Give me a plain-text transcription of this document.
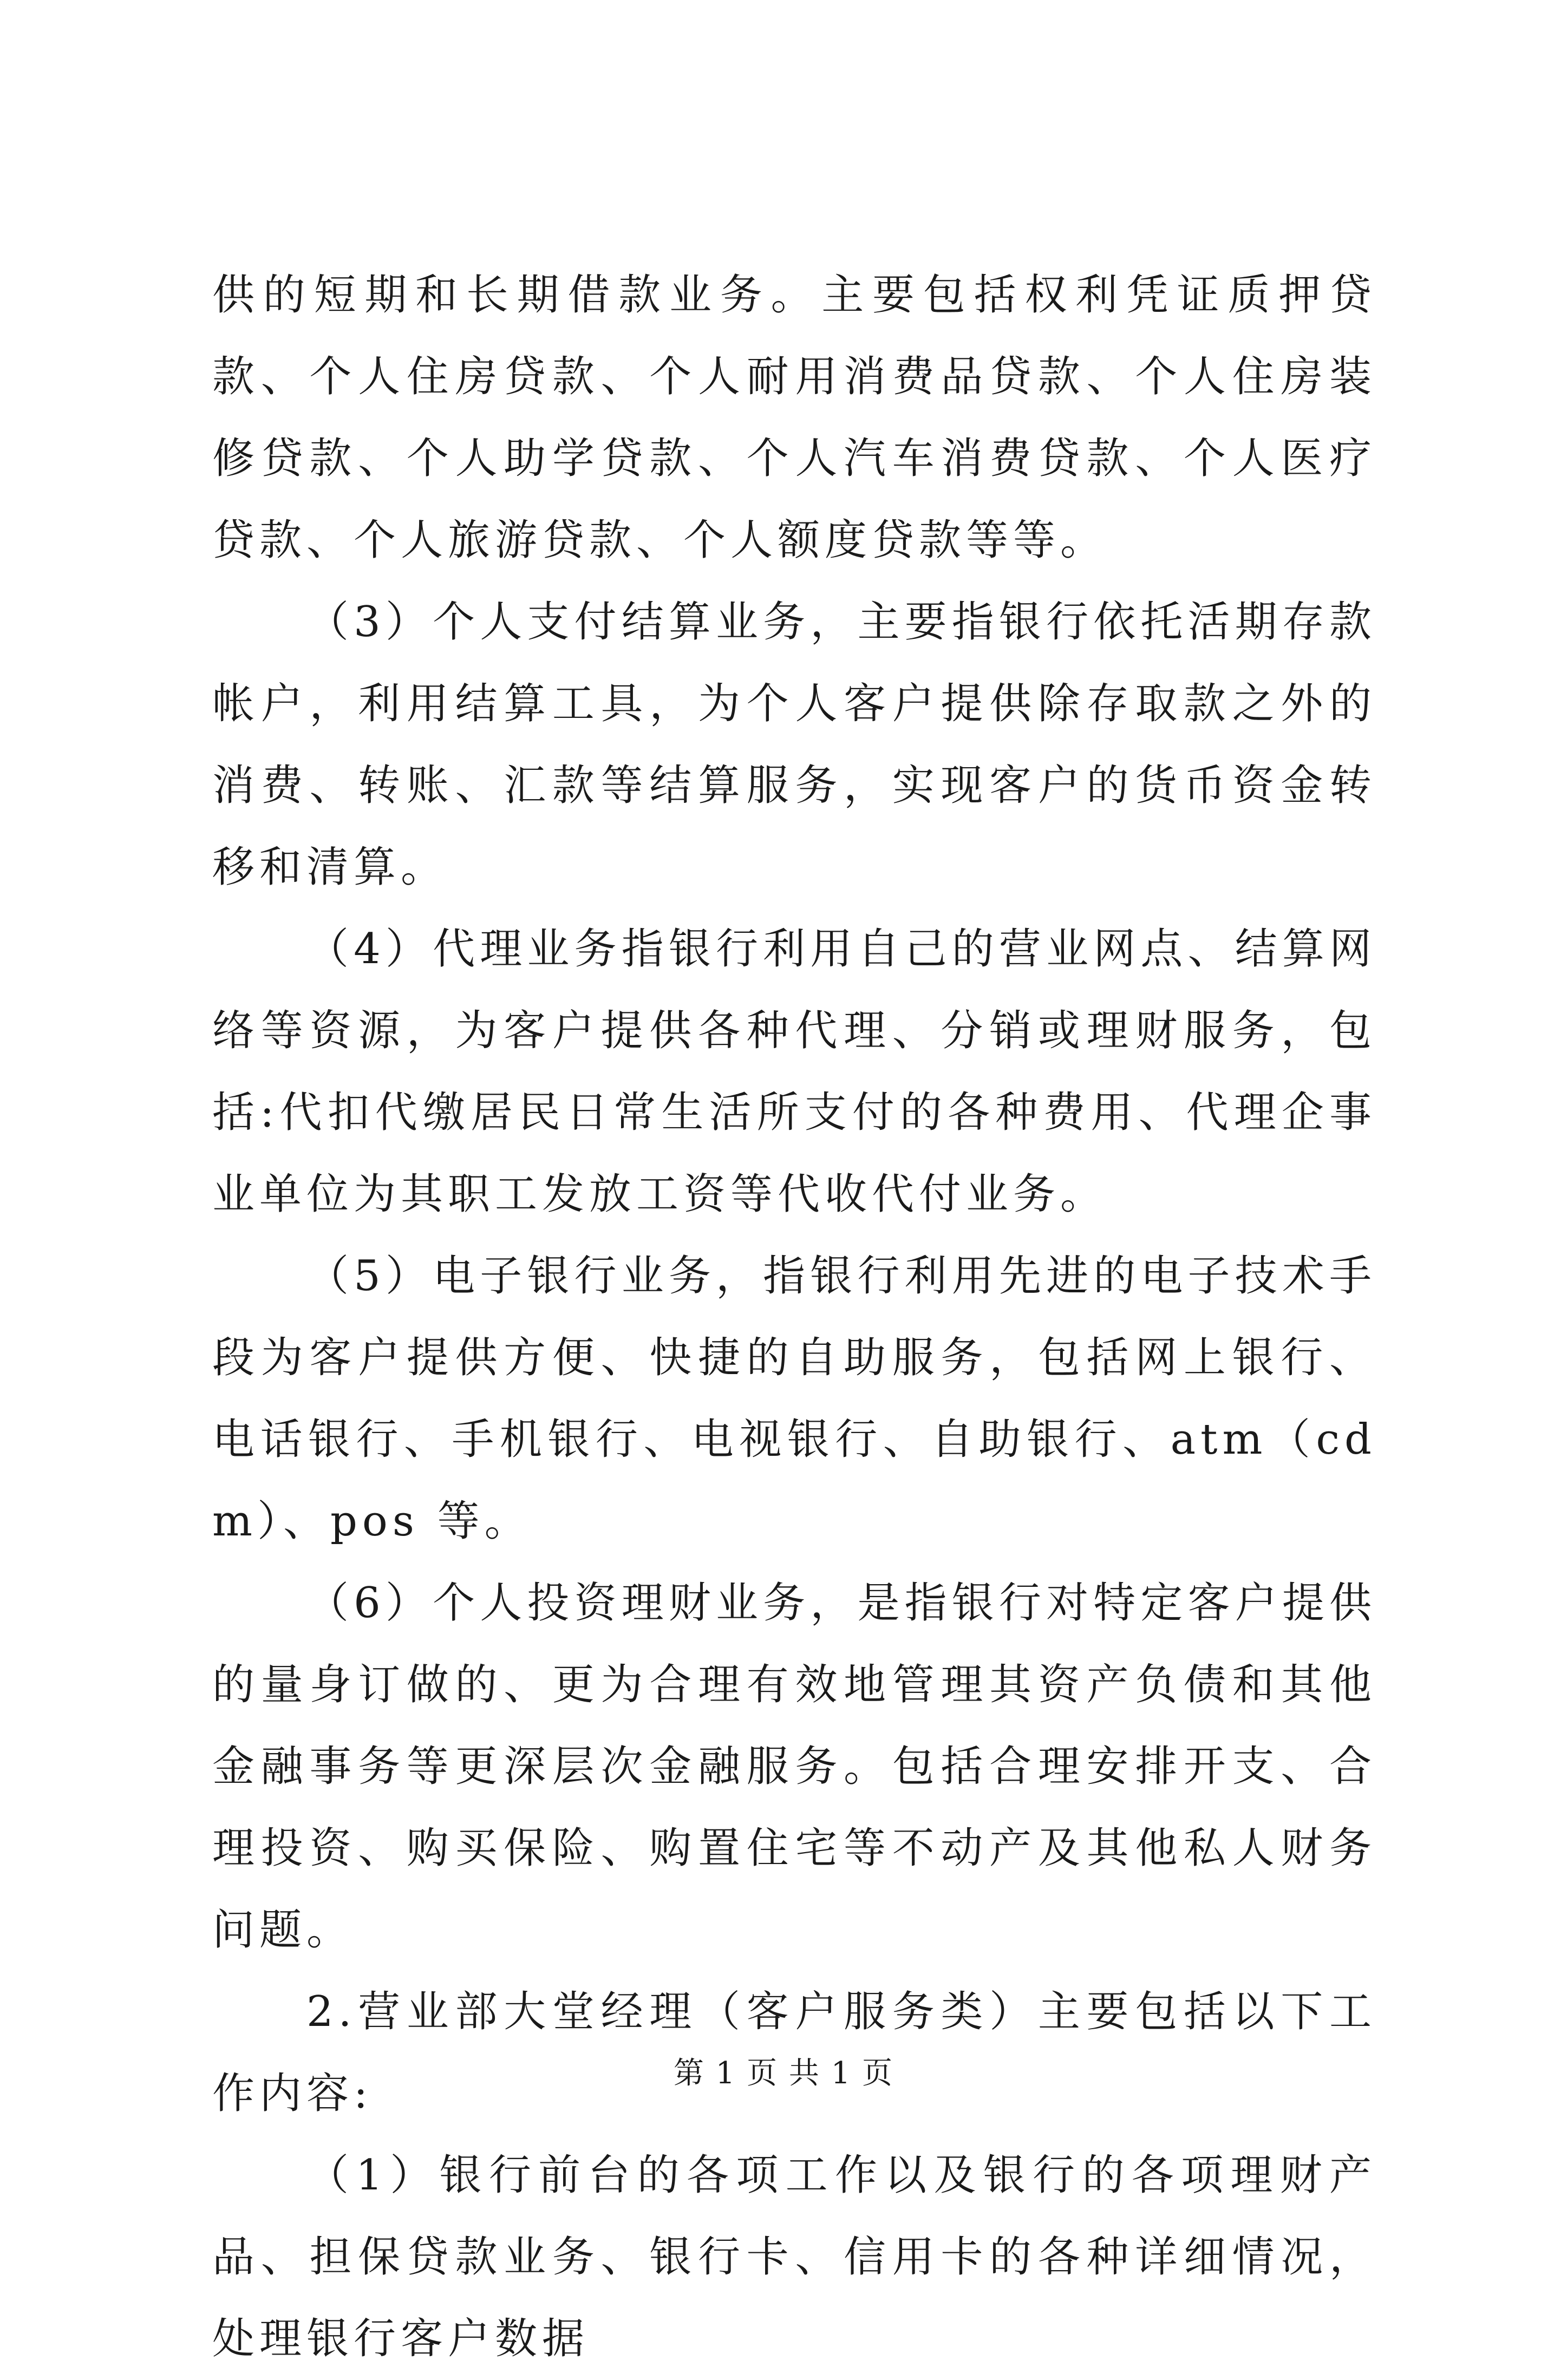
供的短期和长期借款业务。主要包括权利凭证质押贷款、个人住房贷款、个人耐用消费品贷款、个人住房装修贷款、个人助学贷款、个人汽车消费贷款、个人医疗贷款、个人旅游贷款、个人额度贷款等等。

（3）个人支付结算业务，主要指银行依托活期存款帐户，利用结算工具，为个人客户提供除存取款之外的消费、转账、汇款等结算服务，实现客户的货币资金转移和清算。

（4）代理业务指银行利用自己的营业网点、结算网络等资源，为客户提供各种代理、分销或理财服务，包括:代扣代缴居民日常生活所支付的各种费用、代理企事业单位为其职工发放工资等代收代付业务。

（5）电子银行业务，指银行利用先进的电子技术手段为客户提供方便、快捷的自助服务，包括网上银行、电话银行、手机银行、电视银行、自助银行、atm（cdm）、pos 等。

（6）个人投资理财业务，是指银行对特定客户提供的量身订做的、更为合理有效地管理其资产负债和其他金融事务等更深层次金融服务。包括合理安排开支、合理投资、购买保险、购置住宅等不动产及其他私人财务问题。

2.营业部大堂经理（客户服务类）主要包括以下工作内容:

（1）银行前台的各项工作以及银行的各项理财产品、担保贷款业务、银行卡、信用卡的各种详细情况，处理银行客户数据

第 1 页 共 1 页
